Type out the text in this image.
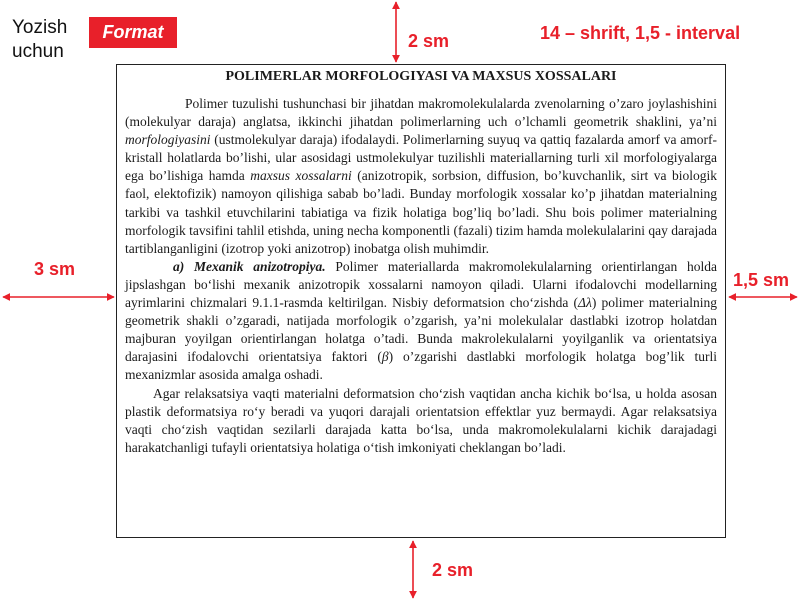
Yozish
uchun
Format	14 – shrift, 1,5 - interval
2 sm
3 sm
1,5 sm
2 sm
POLIMERLAR MORFOLOGIYASI VA MAXSUS XOSSALARI

Polimer tuzulishi tushunchasi bir jihatdan makromolekulalarda zvenolarning o’zaro joylashishini (molekulyar daraja) anglatsa, ikkinchi jihatdan polimerlarning uch o’lchamli geometrik shaklini, ya’ni morfologiyasini (ustmolekulyar daraja) ifodalaydi. Polimerlarning suyuq va qattiq fazalarda amorf va amorf-kristall holatlarda bo’lishi, ular asosidagi ustmolekulyar tuzilishli materiallarning turli xil morfologiyalarga ega bo’lishiga hamda maxsus xossalarni (anizotropik, sorbsion, diffusion, bo’kuvchanlik, sirt va biologik faol, elektofizik) namoyon qilishiga sabab bo’ladi. Bunday morfologik xossalar ko’p jihatdan materialning tarkibi va tashkil etuvchilarini tabiatiga va fizik holatiga bog’liq bo’ladi. Shu bois polimer materialning morfologik tavsifini tahlil etishda, uning necha komponentli (fazali) tizim hamda molekulalarini qay darajada tartiblanganligini (izotrop yoki anizotrop) inobatga olish muhimdir.

a) Mexanik anizotropiya. Polimer materiallarda makromolekulalarning orientirlangan holda jipslashgan bo‘lishi mexanik anizotropik xossalarni namoyon qiladi. Ularni ifodalovchi modellarning ayrimlarini chizmalari 9.1.1-rasmda keltirilgan. Nisbiy deformatsion cho‘zishda (Δλ) polimer materialning geometrik shakli o’zgaradi, natijada morfologik o’zgarish, ya’ni molekulalar dastlabki izotrop holatdan majburan yoyilgan orientirlangan holatga o’tadi. Bunda makrolekulalarni yoyilganlik va orientatsiya darajasini ifodalovchi orientatsiya faktori (β) o’zgarishi dastlabki morfologik holatga bog’lik turli mexanizmlar asosida amalga oshadi.

Agar relaksatsiya vaqti materialni deformatsion cho‘zish vaqtidan ancha kichik bo‘lsa, u holda asosan plastik deformatsiya ro‘y beradi va yuqori darajali orientatsion effektlar yuz bermaydi. Agar relaksatsiya vaqti cho‘zish vaqtidan sezilarli darajada katta bo‘lsa, unda makromolekulalarni kichik darajadagi harakatchanligi tufayli orientatsiya holatiga o‘tish imkoniyati cheklangan bo’ladi.
